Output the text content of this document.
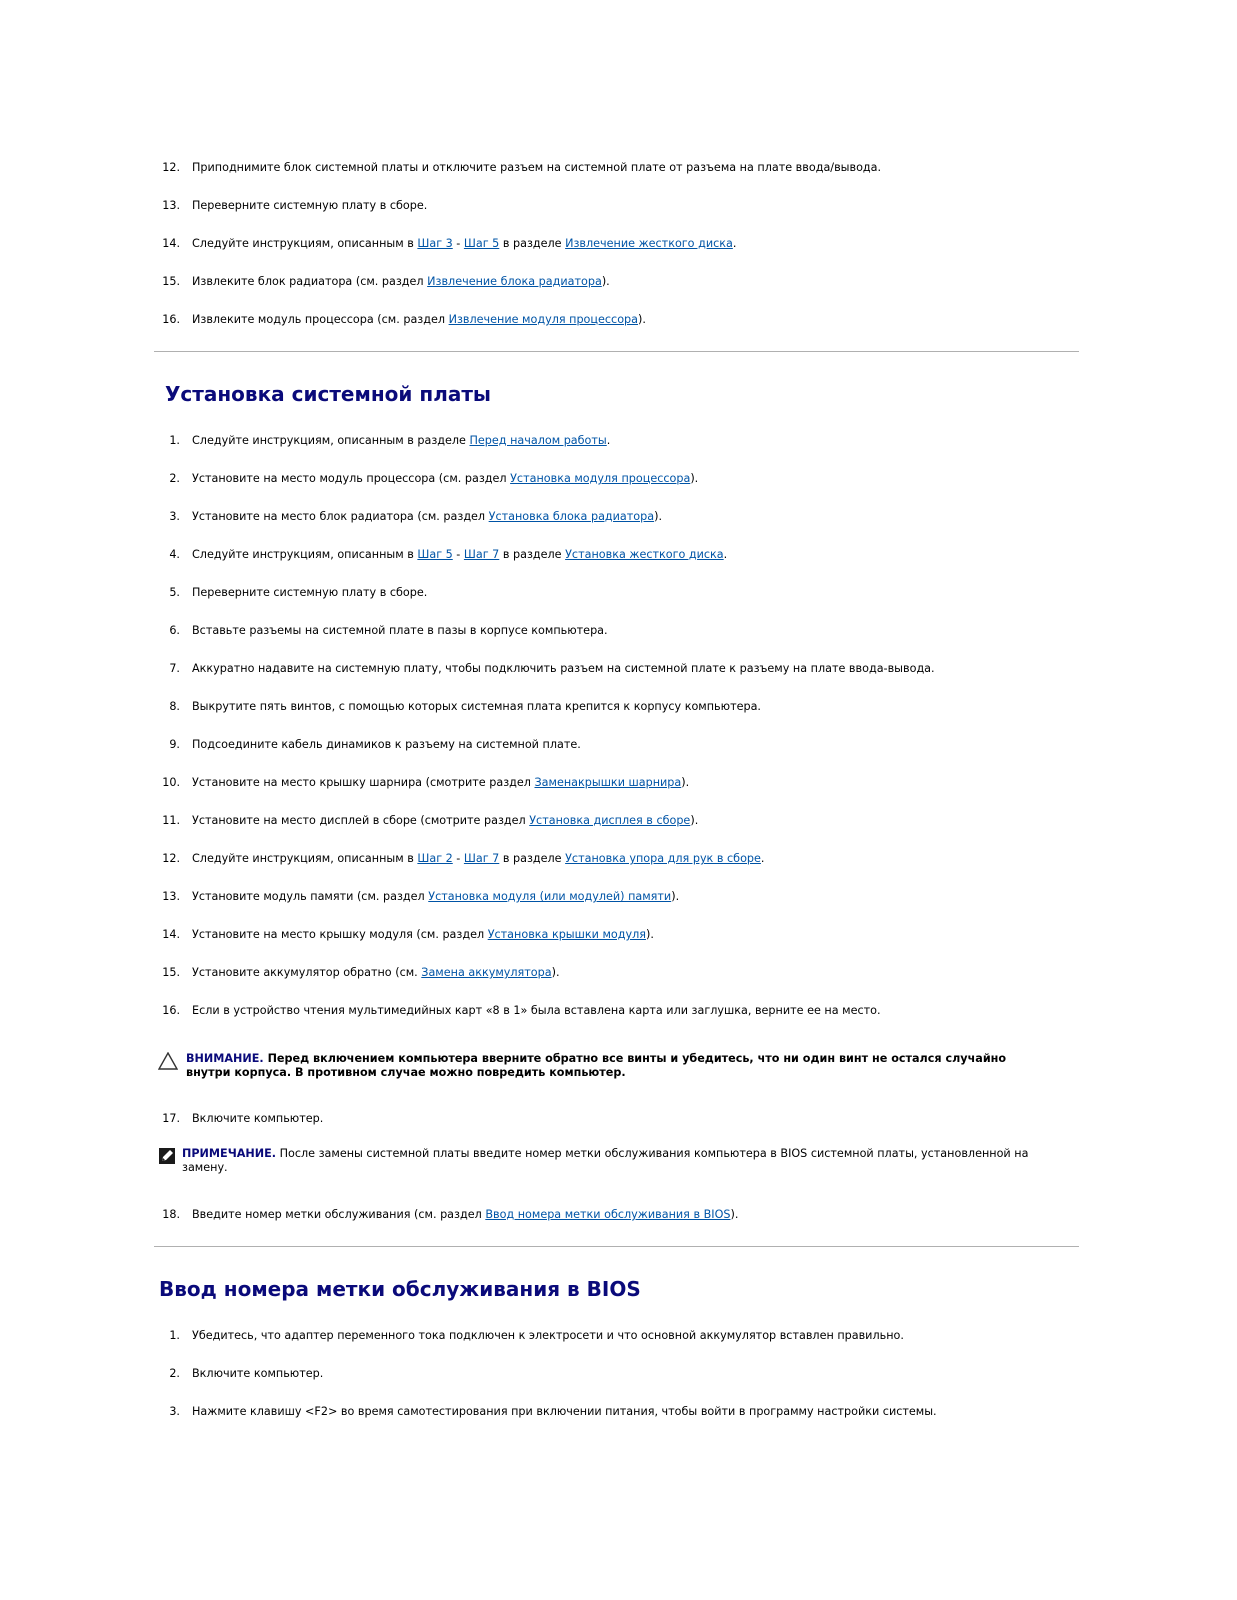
12. Приподнимите блок системной платы и отключите разъем на системной плате от разъема на плате ввода/вывода.
13. Переверните системную плату в сборе.
14. Следуйте инструкциям, описанным в Шаг 3 - Шаг 5 в разделе Извлечение жесткого диска.
15. Извлеките блок радиатора (см. раздел Извлечение блока радиатора).
16. Извлеките модуль процессора (см. раздел Извлечение модуля процессора).
Установка системной платы
1. Следуйте инструкциям, описанным в разделе Перед началом работы.
2. Установите на место модуль процессора (см. раздел Установка модуля процессора).
3. Установите на место блок радиатора (см. раздел Установка блока радиатора).
4. Следуйте инструкциям, описанным в Шаг 5 - Шаг 7 в разделе Установка жесткого диска.
5. Переверните системную плату в сборе.
6. Вставьте разъемы на системной плате в пазы в корпусе компьютера.
7. Аккуратно надавите на системную плату, чтобы подключить разъем на системной плате к разъему на плате ввода-вывода.
8. Выкрутите пять винтов, с помощью которых системная плата крепится к корпусу компьютера.
9. Подсоедините кабель динамиков к разъему на системной плате.
10. Установите на место крышку шарнира (смотрите раздел Заменакрышки шарнира).
11. Установите на место дисплей в сборе (смотрите раздел Установка дисплея в сборе).
12. Следуйте инструкциям, описанным в Шаг 2 - Шаг 7 в разделе Установка упора для рук в сборе.
13. Установите модуль памяти (см. раздел Установка модуля (или модулей) памяти).
14. Установите на место крышку модуля (см. раздел Установка крышки модуля).
15. Установите аккумулятор обратно (см. Замена аккумулятора).
16. Если в устройство чтения мультимедийных карт «8 в 1» была вставлена карта или заглушка, верните ее на место.
ВНИМАНИЕ. Перед включением компьютера вверните обратно все винты и убедитесь, что ни один винт не остался случайно внутри корпуса. В противном случае можно повредить компьютер.
17. Включите компьютер.
ПРИМЕЧАНИЕ. После замены системной платы введите номер метки обслуживания компьютера в BIOS системной платы, установленной на замену.
18. Введите номер метки обслуживания (см. раздел Ввод номера метки обслуживания в BIOS).
Ввод номера метки обслуживания в BIOS
1. Убедитесь, что адаптер переменного тока подключен к электросети и что основной аккумулятор вставлен правильно.
2. Включите компьютер.
3. Нажмите клавишу <F2> во время самотестирования при включении питания, чтобы войти в программу настройки системы.
